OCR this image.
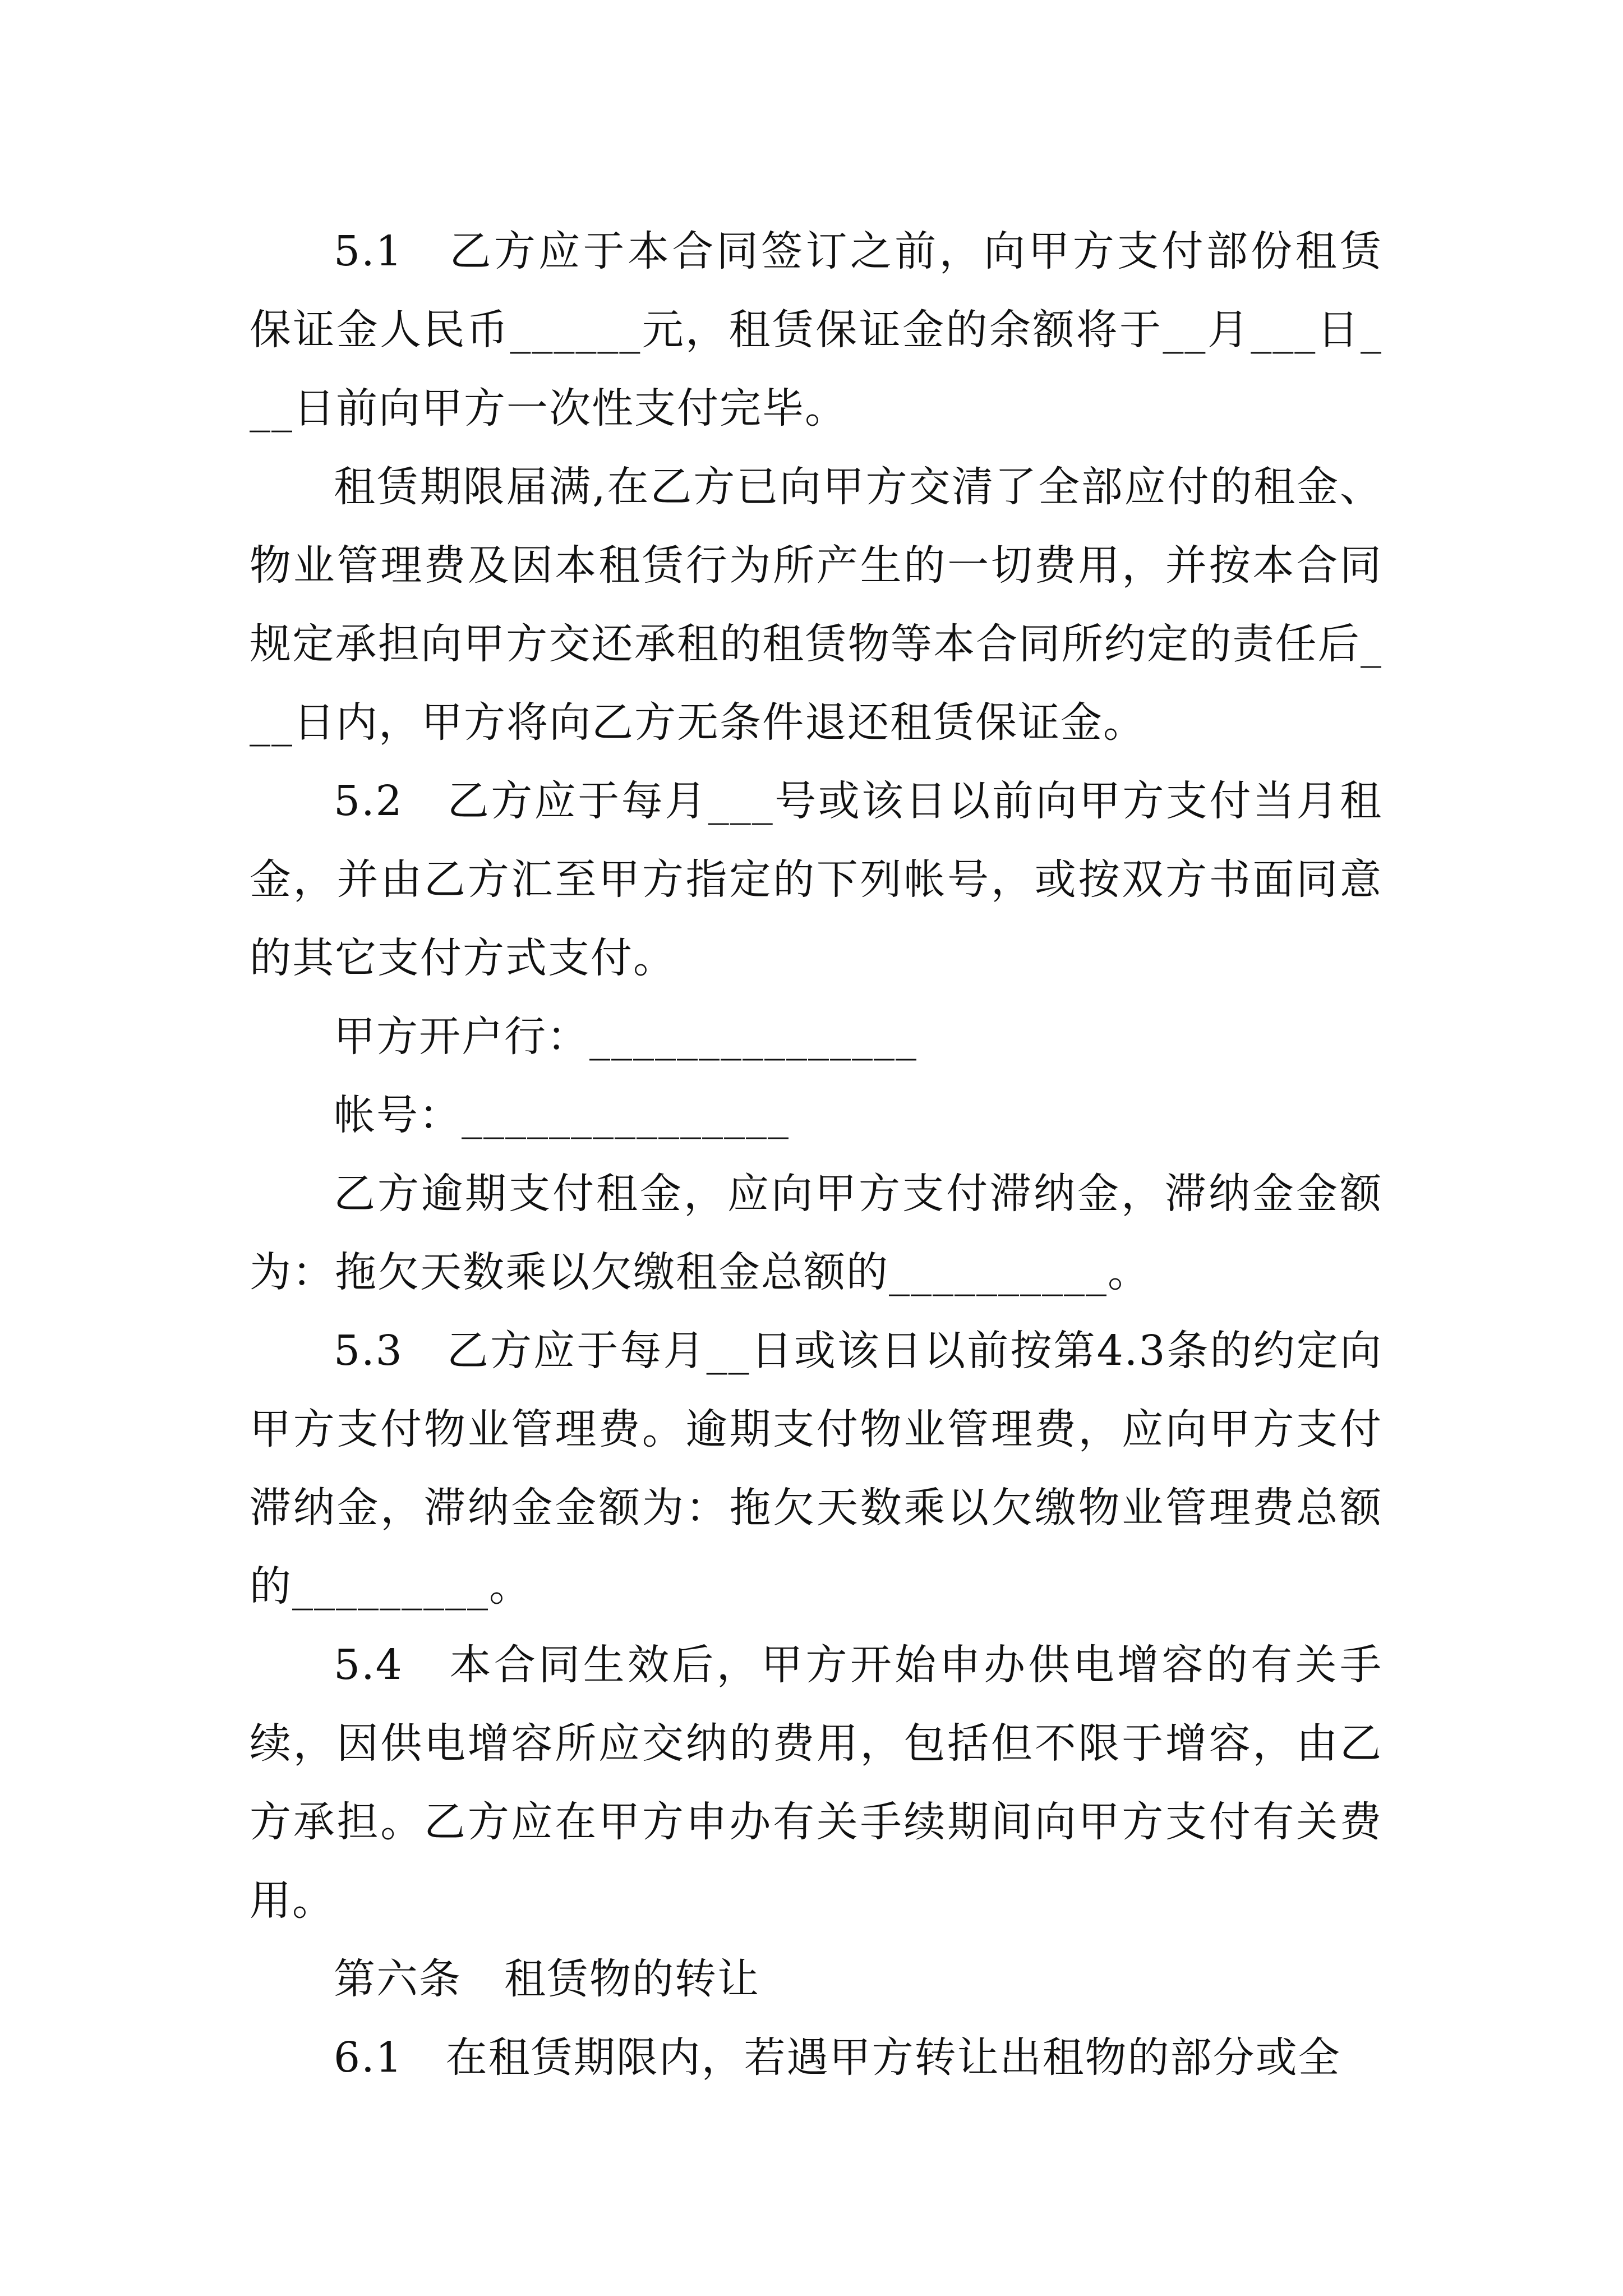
5.1　乙方应于本合同签订之前，向甲方支付部份租赁保证金人民币______元，租赁保证金的余额将于__月___日___日前向甲方一次性支付完毕。

租赁期限届满,在乙方已向甲方交清了全部应付的租金、物业管理费及因本租赁行为所产生的一切费用，并按本合同规定承担向甲方交还承租的租赁物等本合同所约定的责任后___日内，甲方将向乙方无条件退还租赁保证金。

5.2　乙方应于每月___号或该日以前向甲方支付当月租金，并由乙方汇至甲方指定的下列帐号，或按双方书面同意的其它支付方式支付。

甲方开户行：_______________

帐号：_______________

乙方逾期支付租金，应向甲方支付滞纳金，滞纳金金额为：拖欠天数乘以欠缴租金总额的__________。

5.3　乙方应于每月__日或该日以前按第4.3条的约定向甲方支付物业管理费。逾期支付物业管理费，应向甲方支付滞纳金，滞纳金金额为：拖欠天数乘以欠缴物业管理费总额的_________。

5.4　本合同生效后，甲方开始申办供电增容的有关手续，因供电增容所应交纳的费用，包括但不限于增容，由乙方承担。乙方应在甲方申办有关手续期间向甲方支付有关费用。

第六条　租赁物的转让

6.1　在租赁期限内，若遇甲方转让出租物的部分或全
